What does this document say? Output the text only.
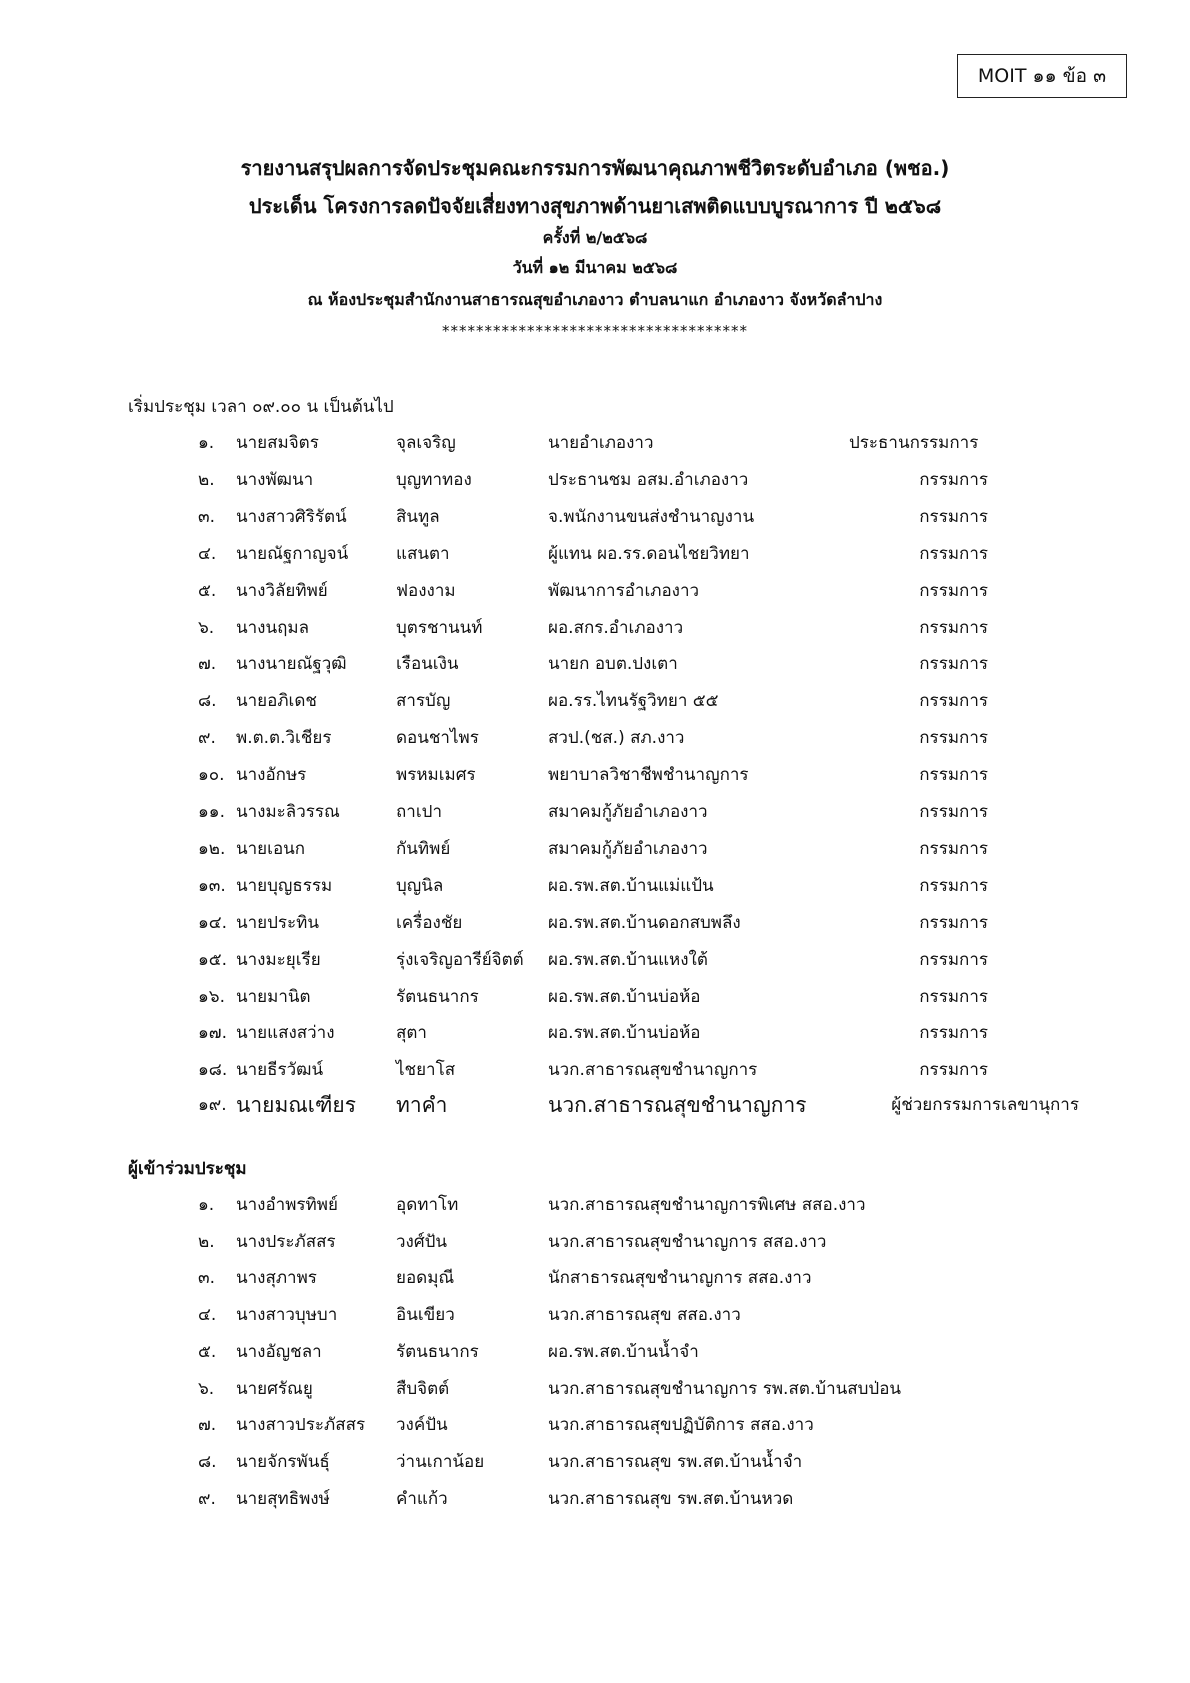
MOIT ๑๑ ข้อ ๓
รายงานสรุปผลการจัดประชุมคณะกรรมการพัฒนาคุณภาพชีวิตระดับอำเภอ (พชอ.)
ประเด็น โครงการลดปัจจัยเสี่ยงทางสุขภาพด้านยาเสพติดแบบบูรณาการ ปี ๒๕๖๘
ครั้งที่ ๒/๒๕๖๘
วันที่ ๑๒ มีนาคม ๒๕๖๘
ณ ห้องประชุมสำนักงานสาธารณสุขอำเภองาว ตำบลนาแก อำเภองาว จังหวัดลำปาง
************************************
เริ่มประชุม เวลา ๐๙.๐๐ น เป็นต้นไป
๑. นายสมจิตร	จุลเจริญ	นายอำเภองาว	ประธานกรรมการ
๒. นางพัฒนา	บุญทาทอง	ประธานชม อสม.อำเภองาว	กรรมการ
๓. นางสาวศิริรัตน์	สินทูล	จ.พนักงานขนส่งชำนาญงาน	กรรมการ
๔. นายณัฐกาญจน์	แสนตา	ผู้แทน ผอ.รร.ดอนไชยวิทยา	กรรมการ
๕. นางวิลัยทิพย์	ฟองงาม	พัฒนาการอำเภองาว	กรรมการ
๖. นางนฤมล	บุตรชานนท์	ผอ.สกร.อำเภองาว	กรรมการ
๗. นางนายณัฐวุฒิ	เรือนเงิน	นายก อบต.ปงเตา	กรรมการ
๘. นายอภิเดช	สารบัญ	ผอ.รร.ไทนรัฐวิทยา ๕๕	กรรมการ
๙. พ.ต.ต.วิเชียร	ดอนชาไพร	สวป.(ชส.) สภ.งาว	กรรมการ
๑๐. นางอักษร	พรหมเมศร	พยาบาลวิชาชีพชำนาญการ	กรรมการ
๑๑. นางมะลิวรรณ	ถาเปา	สมาคมกู้ภัยอำเภองาว	กรรมการ
๑๒. นายเอนก	กันทิพย์	สมาคมกู้ภัยอำเภองาว	กรรมการ
๑๓. นายบุญธรรม	บุญนิล	ผอ.รพ.สต.บ้านแม่แป้น	กรรมการ
๑๔. นายประทิน	เครื่องชัย	ผอ.รพ.สต.บ้านดอกสบพลึง	กรรมการ
๑๕. นางมะยุเรีย	รุ่งเจริญอารีย์จิตต์ ผอ.รพ.สต.บ้านแหงใต้	กรรมการ
๑๖. นายมานิต	รัตนธนากร	ผอ.รพ.สต.บ้านบ่อห้อ	กรรมการ
๑๗. นายแสงสว่าง	สุตา	ผอ.รพ.สต.บ้านบ่อห้อ	กรรมการ
๑๘. นายธีรวัฒน์	ไชยาโส	นวก.สาธารณสุขชำนาญการ	กรรมการ
๑๙. นายมณเฑียร ทาคำ	นวก.สาธารณสุขชำนาญการ	ผู้ช่วยกรรมการเลขานุการ
ผู้เข้าร่วมประชุม
๑. นางอำพรทิพย์	อุดทาโท	นวก.สาธารณสุขชำนาญการพิเศษ สสอ.งาว
๒. นางประภัสสร	วงศ์ปัน	นวก.สาธารณสุขชำนาญการ สสอ.งาว
๓. นางสุภาพร	ยอดมุณี	นักสาธารณสุขชำนาญการ สสอ.งาว
๔. นางสาวบุษบา	อินเขียว	นวก.สาธารณสุข สสอ.งาว
๕. นางอัญชลา	รัตนธนากร	ผอ.รพ.สต.บ้านน้ำจำ
๖. นายศรัณยู	สืบจิตต์	นวก.สาธารณสุขชำนาญการ รพ.สต.บ้านสบป่อน
๗. นางสาวประภัสสร วงค์ปัน	นวก.สาธารณสุขปฏิบัติการ สสอ.งาว
๘. นายจักรพันธุ์	ว่านเกาน้อย	นวก.สาธารณสุข รพ.สต.บ้านน้ำจำ
๙. นายสุทธิพงษ์	คำแก้ว	นวก.สาธารณสุข รพ.สต.บ้านหวด
